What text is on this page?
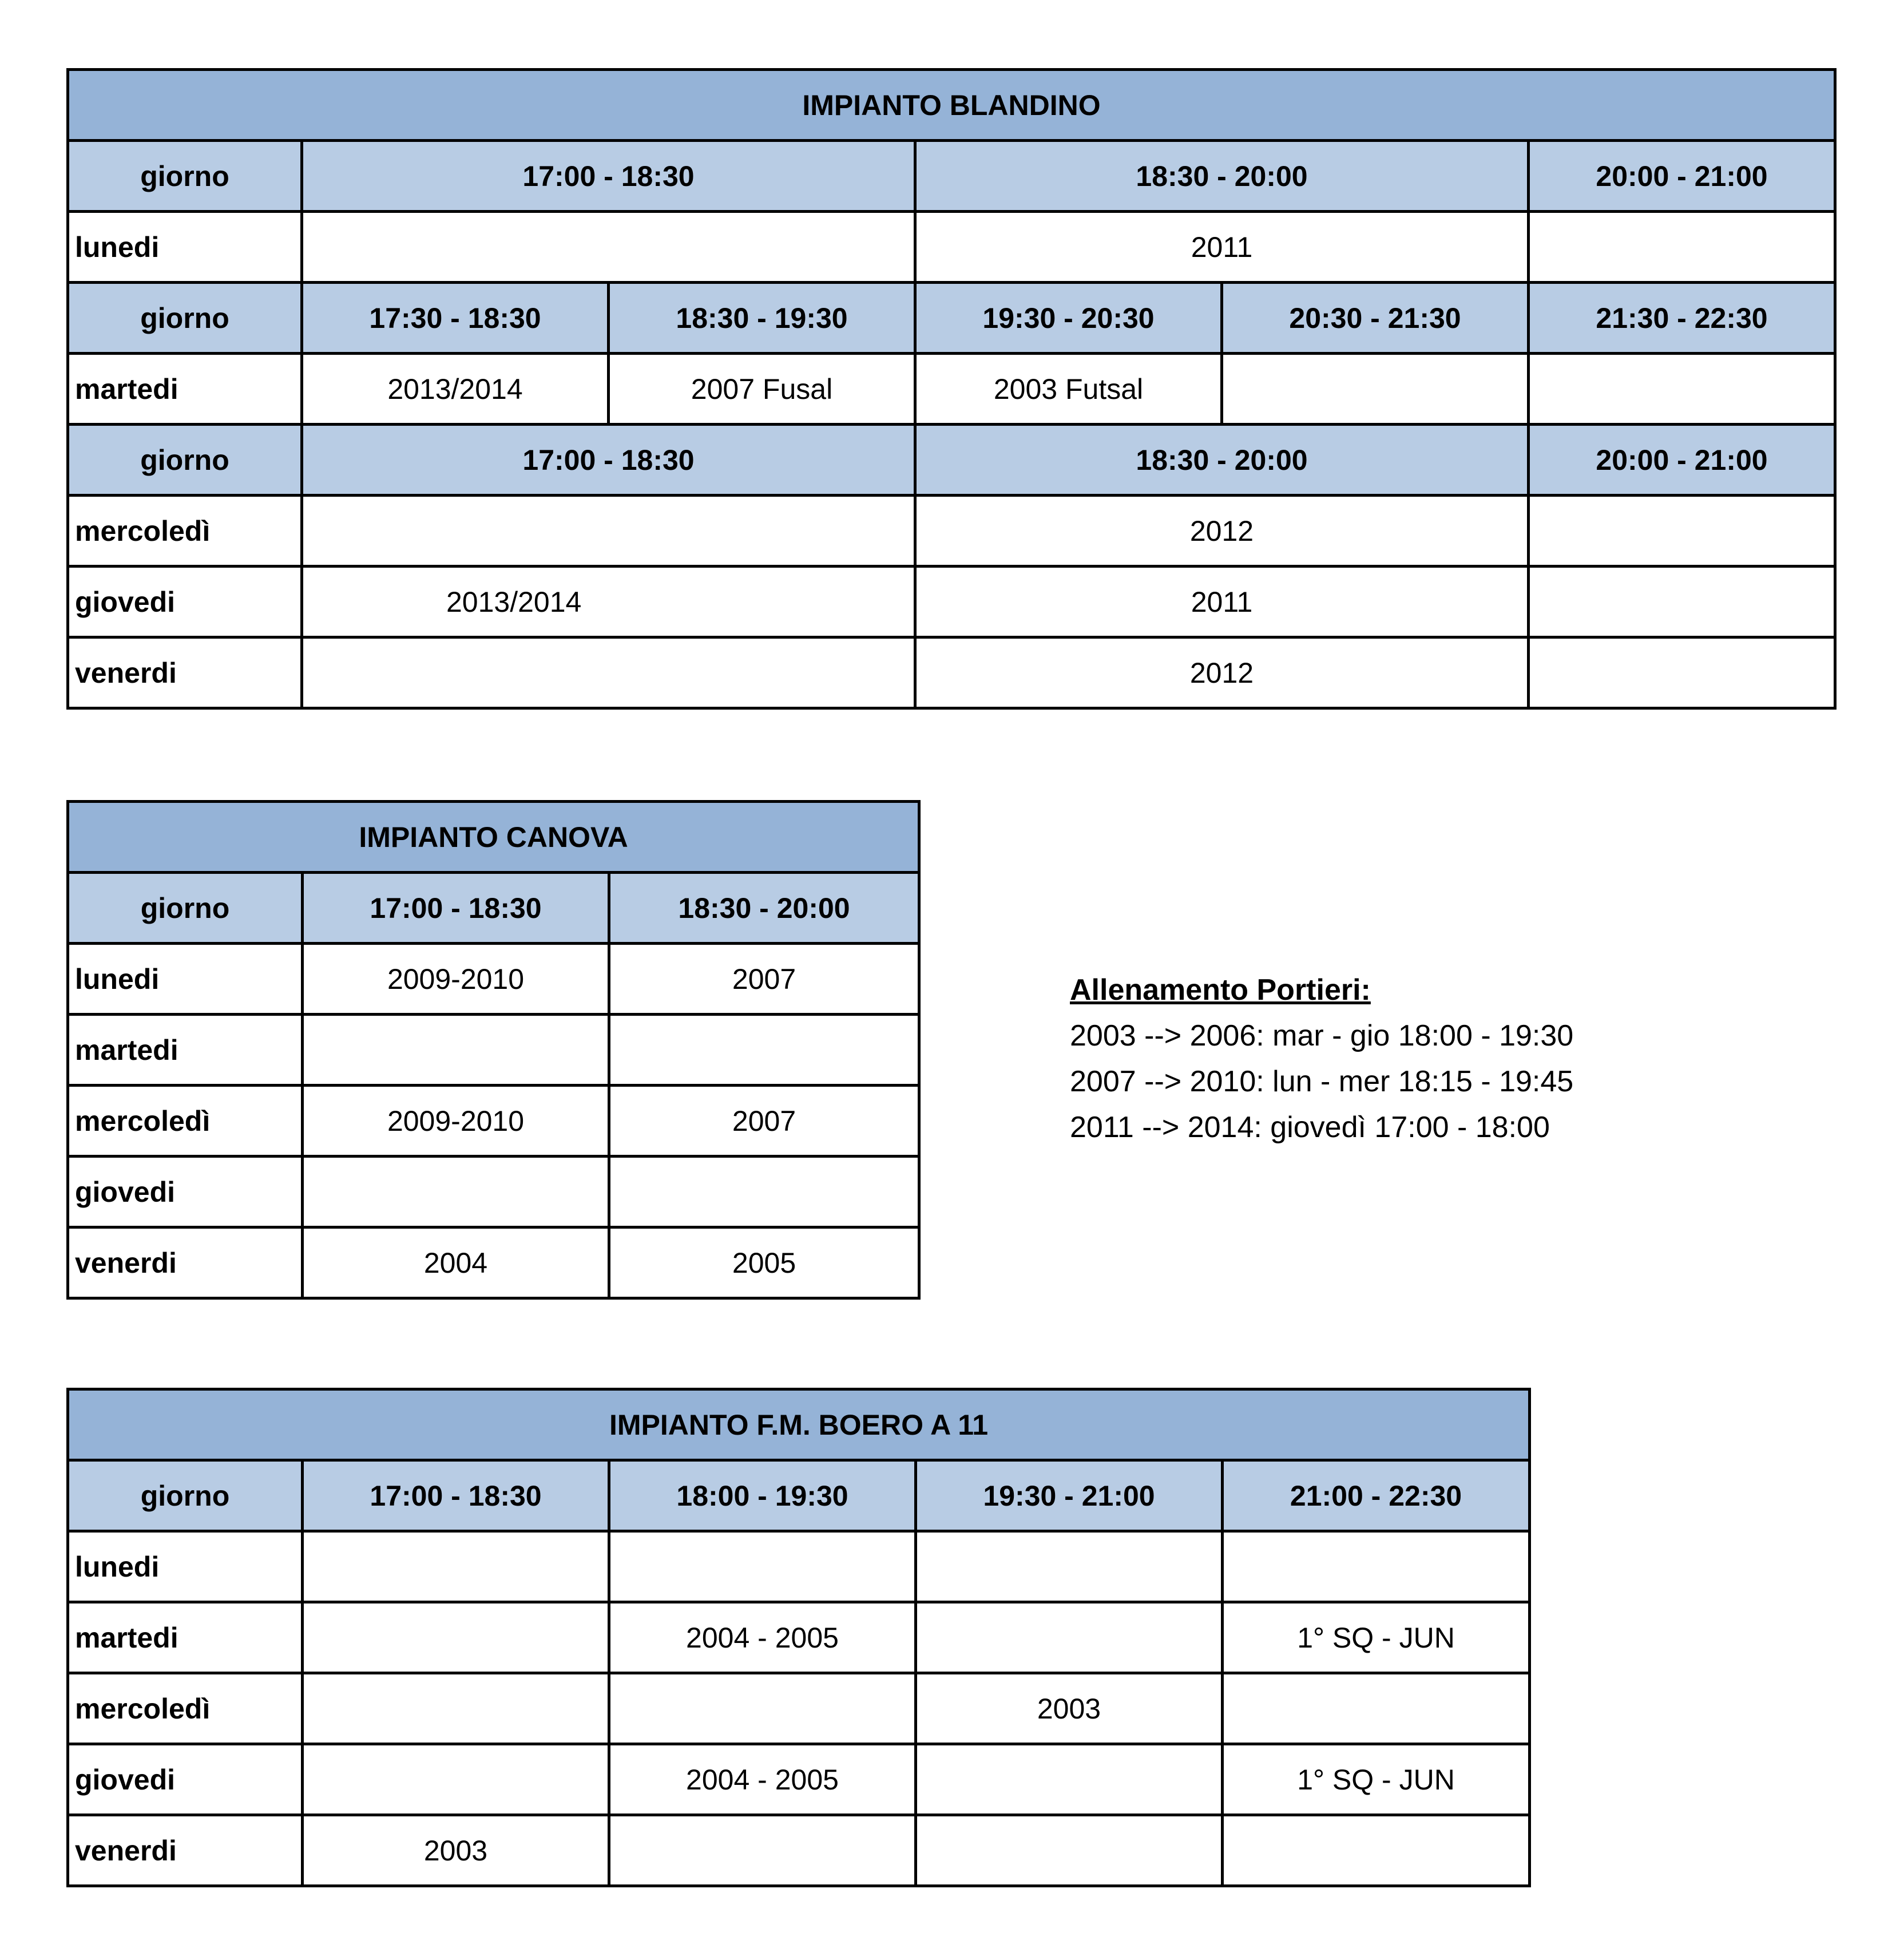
IMPIANTO BLANDINO						
giorno	17:00 - 18:30		18:30 - 20:00		20:00 - 21:00	
lunedi			2011		
giorno	17:30 - 18:30	18:30 - 19:30	19:30 - 20:30	20:30 - 21:30	21:30 - 22:30	
martedi	2013/2014	2007 Fusal	2003 Futsal			
giorno	17:00 - 18:30		18:30 - 20:00		20:00 - 21:00	
mercoledì			2012			
giovedi	2013/2014		2011			
venerdi			2012			
IMPIANTO CANOVA		
giorno	17:00 - 18:30	18:30 - 20:00
lunedi	2009-2010	2007
martedi		
mercoledì	2009-2010	2007
giovedi		
venerdi	2004	2005
Allenamento Portieri:
2003 --> 2006: mar - gio 18:00 - 19:30
2007 --> 2010: lun - mer 18:15 - 19:45
2011 --> 2014: giovedì 17:00 - 18:00
IMPIANTO F.M. BOERO A 11				
giorno	17:00 - 18:30	18:00 - 19:30	19:30 - 21:00	21:00 - 22:30
lunedi				
martedi		2004 - 2005		1° SQ - JUN
mercoledì			2003	
giovedi		2004 - 2005		1° SQ - JUN
venerdi	2003			
